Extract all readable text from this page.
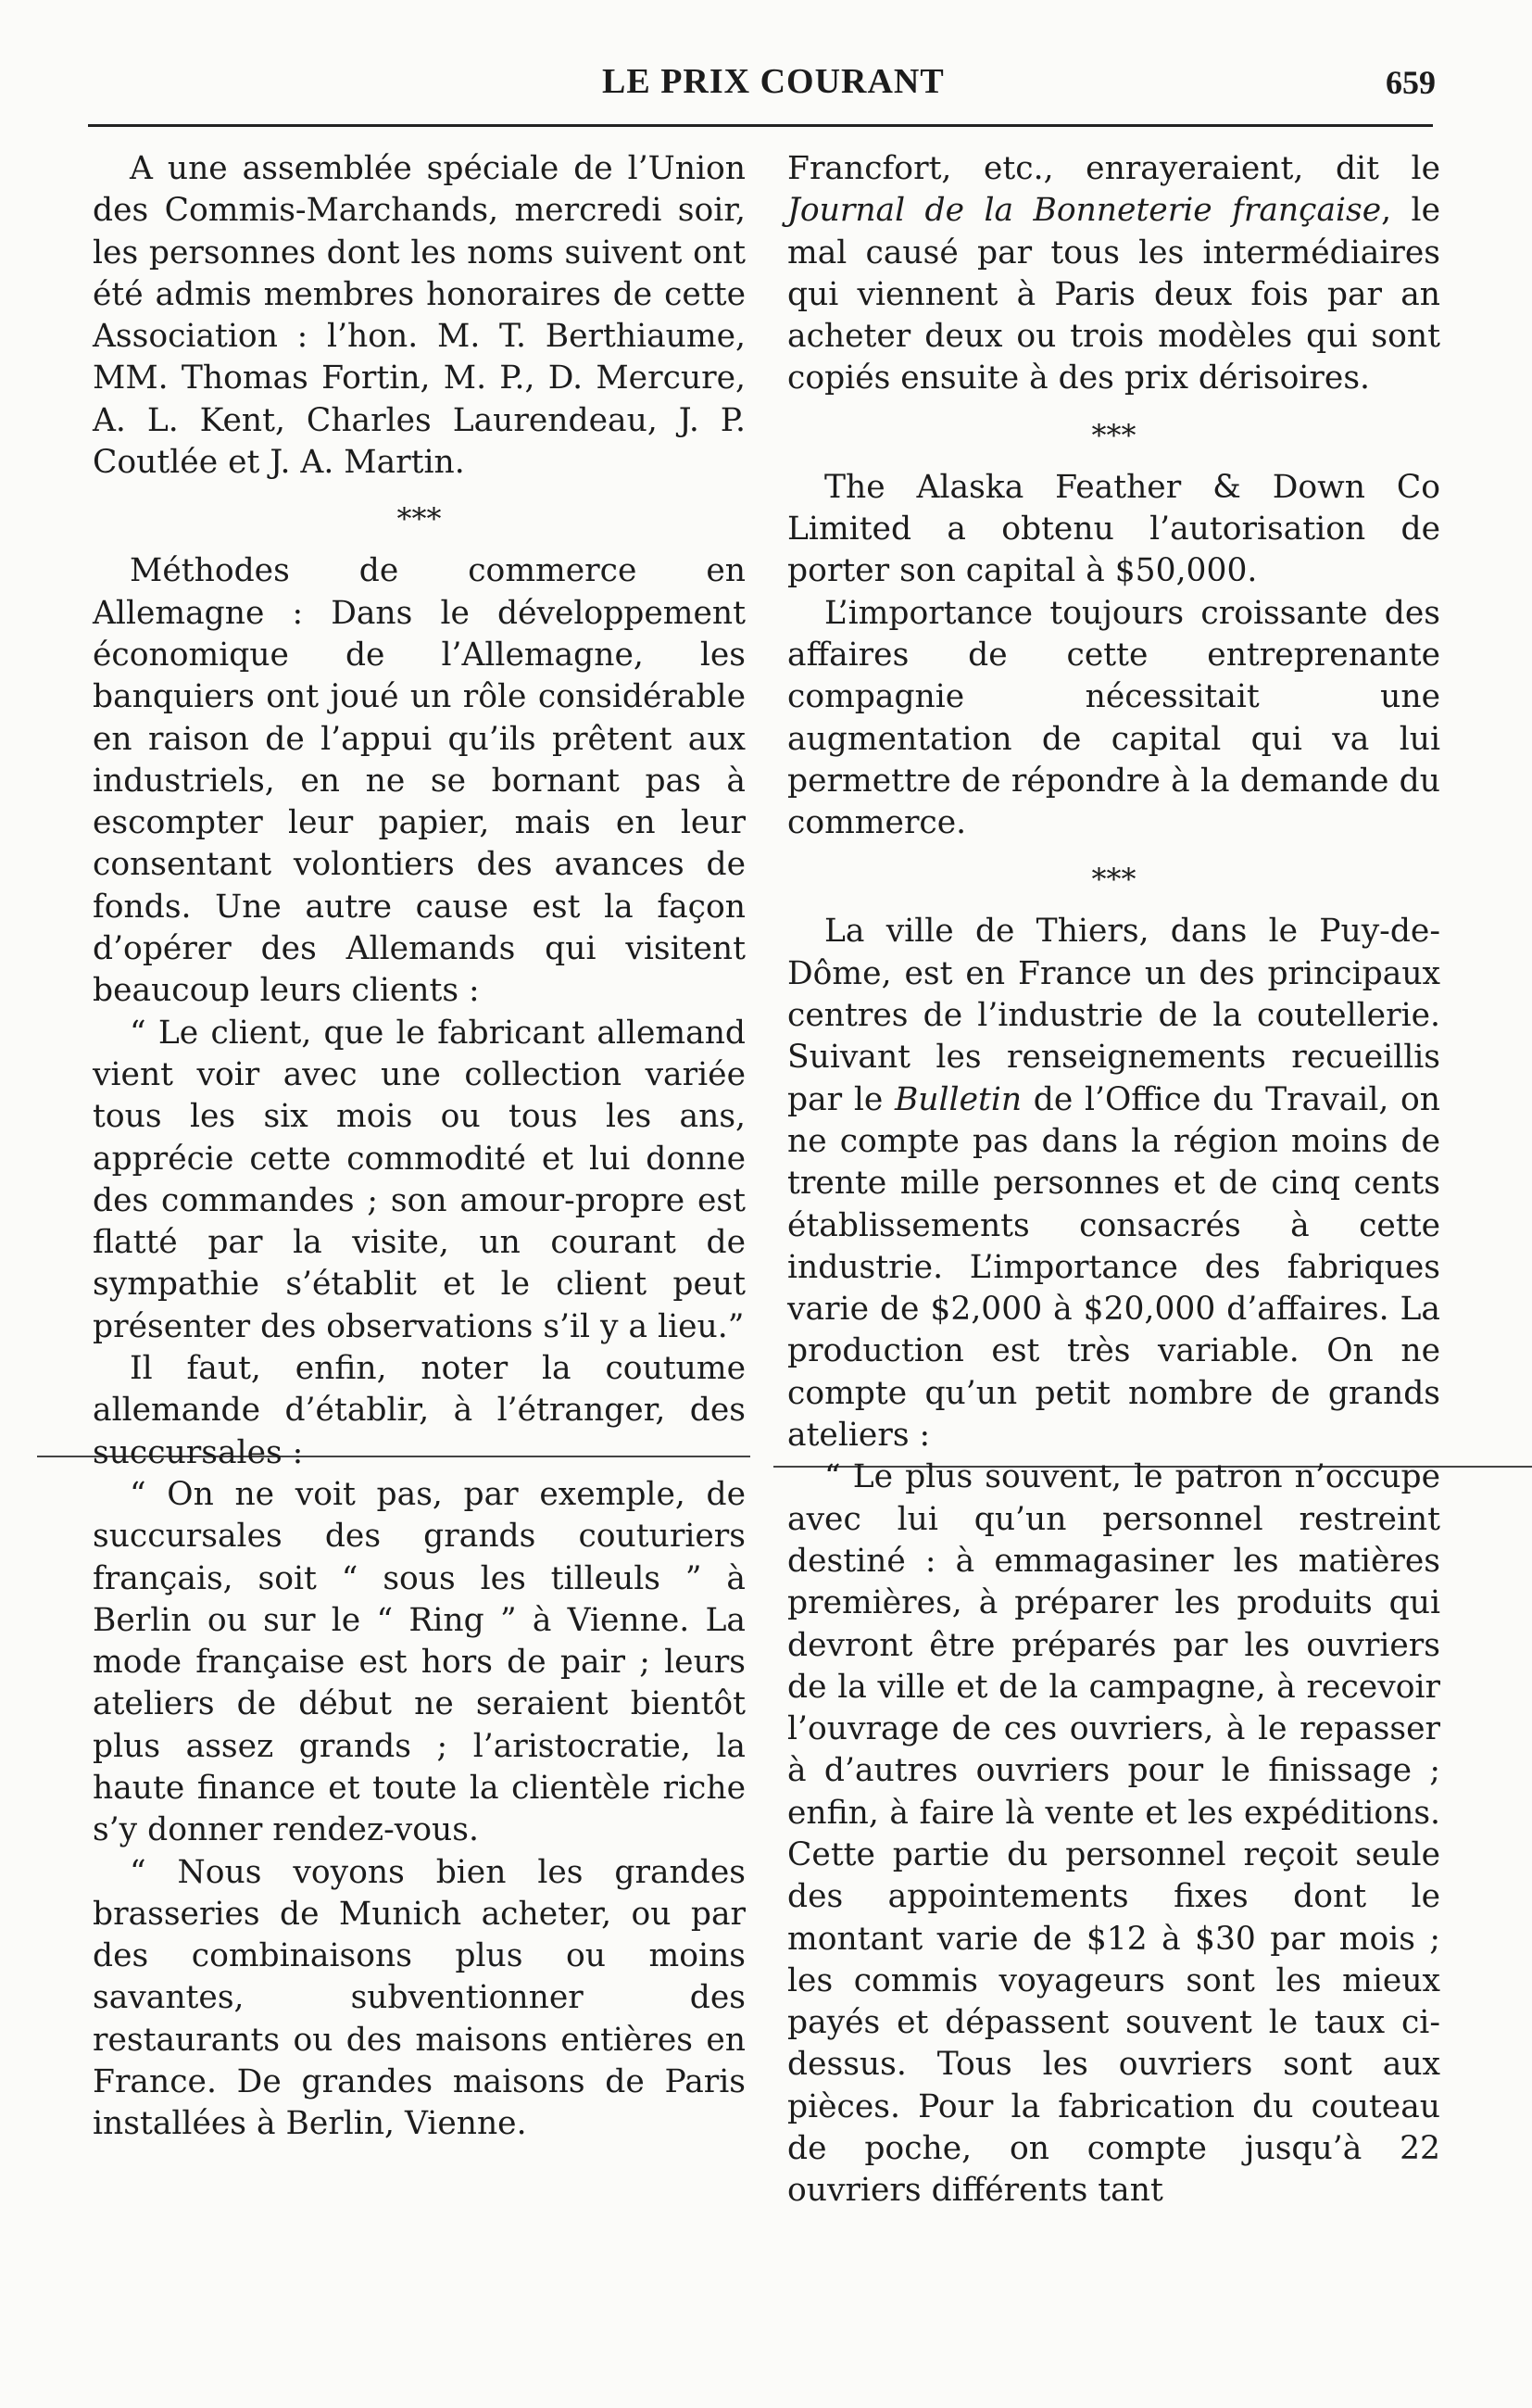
LE PRIX COURANT	659

A une assemblée spéciale de l’Union des Commis-Marchands, mercredi soir, les personnes dont les noms suivent ont été admis membres honoraires de cette Association : l’hon. M. T. Berthiaume, MM. Thomas Fortin, M. P., D. Mercure, A. L. Kent, Charles Laurendeau, J. P. Coutlée et J. A. Martin.

***

Méthodes de commerce en Allemagne : Dans le développement économique de l’Allemagne, les banquiers ont joué un rôle considérable en raison de l’appui qu’ils prêtent aux industriels, en ne se bornant pas à escompter leur papier, mais en leur consentant volontiers des avances de fonds. Une autre cause est la façon d’opérer des Allemands qui visitent beaucoup leurs clients :

“ Le client, que le fabricant allemand vient voir avec une collection variée tous les six mois ou tous les ans, apprécie cette commodité et lui donne des commandes ; son amour-propre est flatté par la visite, un courant de sympathie s’établit et le client peut présenter des observations s’il y a lieu.”

Il faut, enfin, noter la coutume allemande d’établir, à l’étranger, des succursales :

“ On ne voit pas, par exemple, de succursales des grands couturiers français, soit “ sous les tilleuls ” à Berlin ou sur le “ Ring ” à Vienne. La mode française est hors de pair ; leurs ateliers de début ne seraient bientôt plus assez grands ; l’aristocratie, la haute finance et toute la clientèle riche s’y donner rendez-vous.

“ Nous voyons bien les grandes brasseries de Munich acheter, ou par des combinaisons plus ou moins savantes, subventionner des restaurants ou des maisons entières en France. De grandes maisons de Paris installées à Berlin, Vienne.

Francfort, etc., enrayeraient, dit le Journal de la Bonneterie française, le mal causé par tous les intermédiaires qui viennent à Paris deux fois par an acheter deux ou trois modèles qui sont copiés ensuite à des prix dérisoires.

***

The Alaska Feather & Down Co Limited a obtenu l’autorisation de porter son capital à $50,000.

L’importance toujours croissante des affaires de cette entreprenante compagnie nécessitait une augmentation de capital qui va lui permettre de répondre à la demande du commerce.

***

La ville de Thiers, dans le Puy-de-Dôme, est en France un des principaux centres de l’industrie de la coutellerie. Suivant les renseignements recueillis par le Bulletin de l’Office du Travail, on ne compte pas dans la région moins de trente mille personnes et de cinq cents établissements consacrés à cette industrie. L’importance des fabriques varie de $2,000 à $20,000 d’affaires. La production est très variable. On ne compte qu’un petit nombre de grands ateliers :

“ Le plus souvent, le patron n’occupe avec lui qu’un personnel restreint destiné : à emmagasiner les matières premières, à préparer les produits qui devront être préparés par les ouvriers de la ville et de la campagne, à recevoir l’ouvrage de ces ouvriers, à le repasser à d’autres ouvriers pour le finissage ; enfin, à faire là vente et les expéditions. Cette partie du personnel reçoit seule des appointements fixes dont le montant varie de $12 à $30 par mois ; les commis voyageurs sont les mieux payés et dépassent souvent le taux ci-dessus. Tous les ouvriers sont aux pièces. Pour la fabrication du couteau de poche, on compte jusqu’à 22 ouvriers différents tant
